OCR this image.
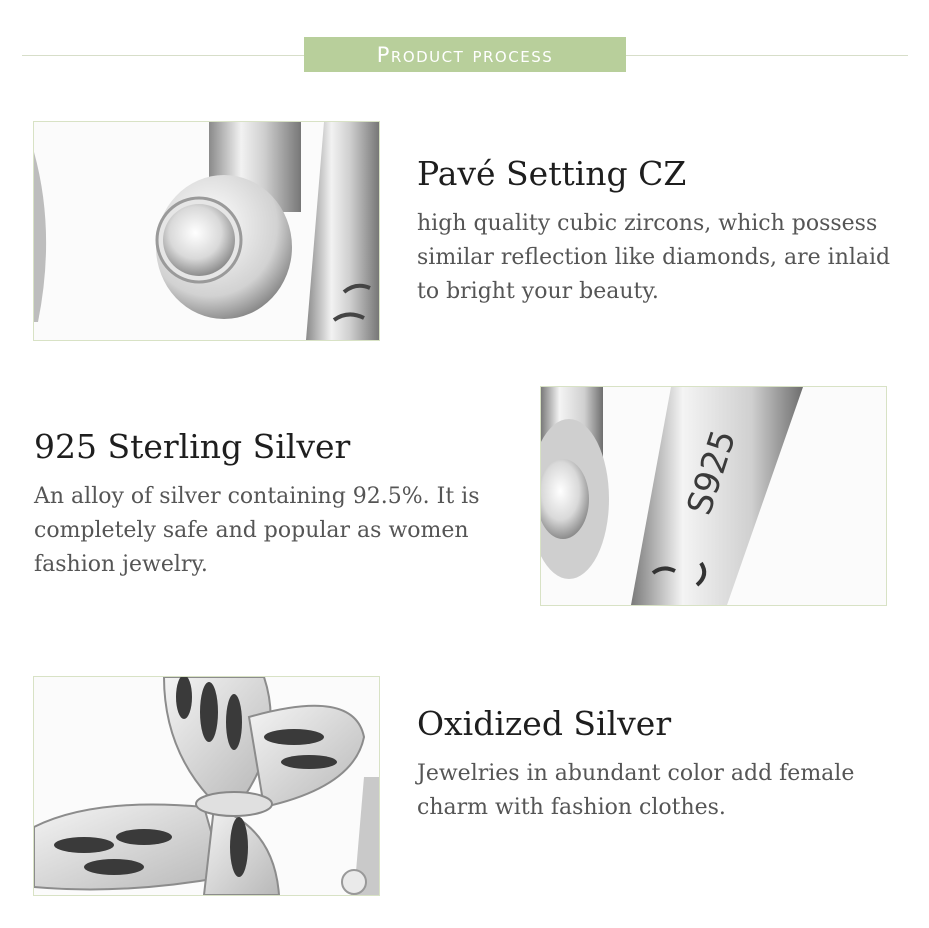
Product process
Pavé Setting CZ

high quality cubic zircons, which possess similar reflection like diamonds, are inlaid to bright your beauty.

925 Sterling Silver

An alloy of silver containing 92.5%. It is completely safe and popular as women fashion jewelry.

S925
Oxidized Silver

Jewelries in abundant color add female charm with fashion clothes.
